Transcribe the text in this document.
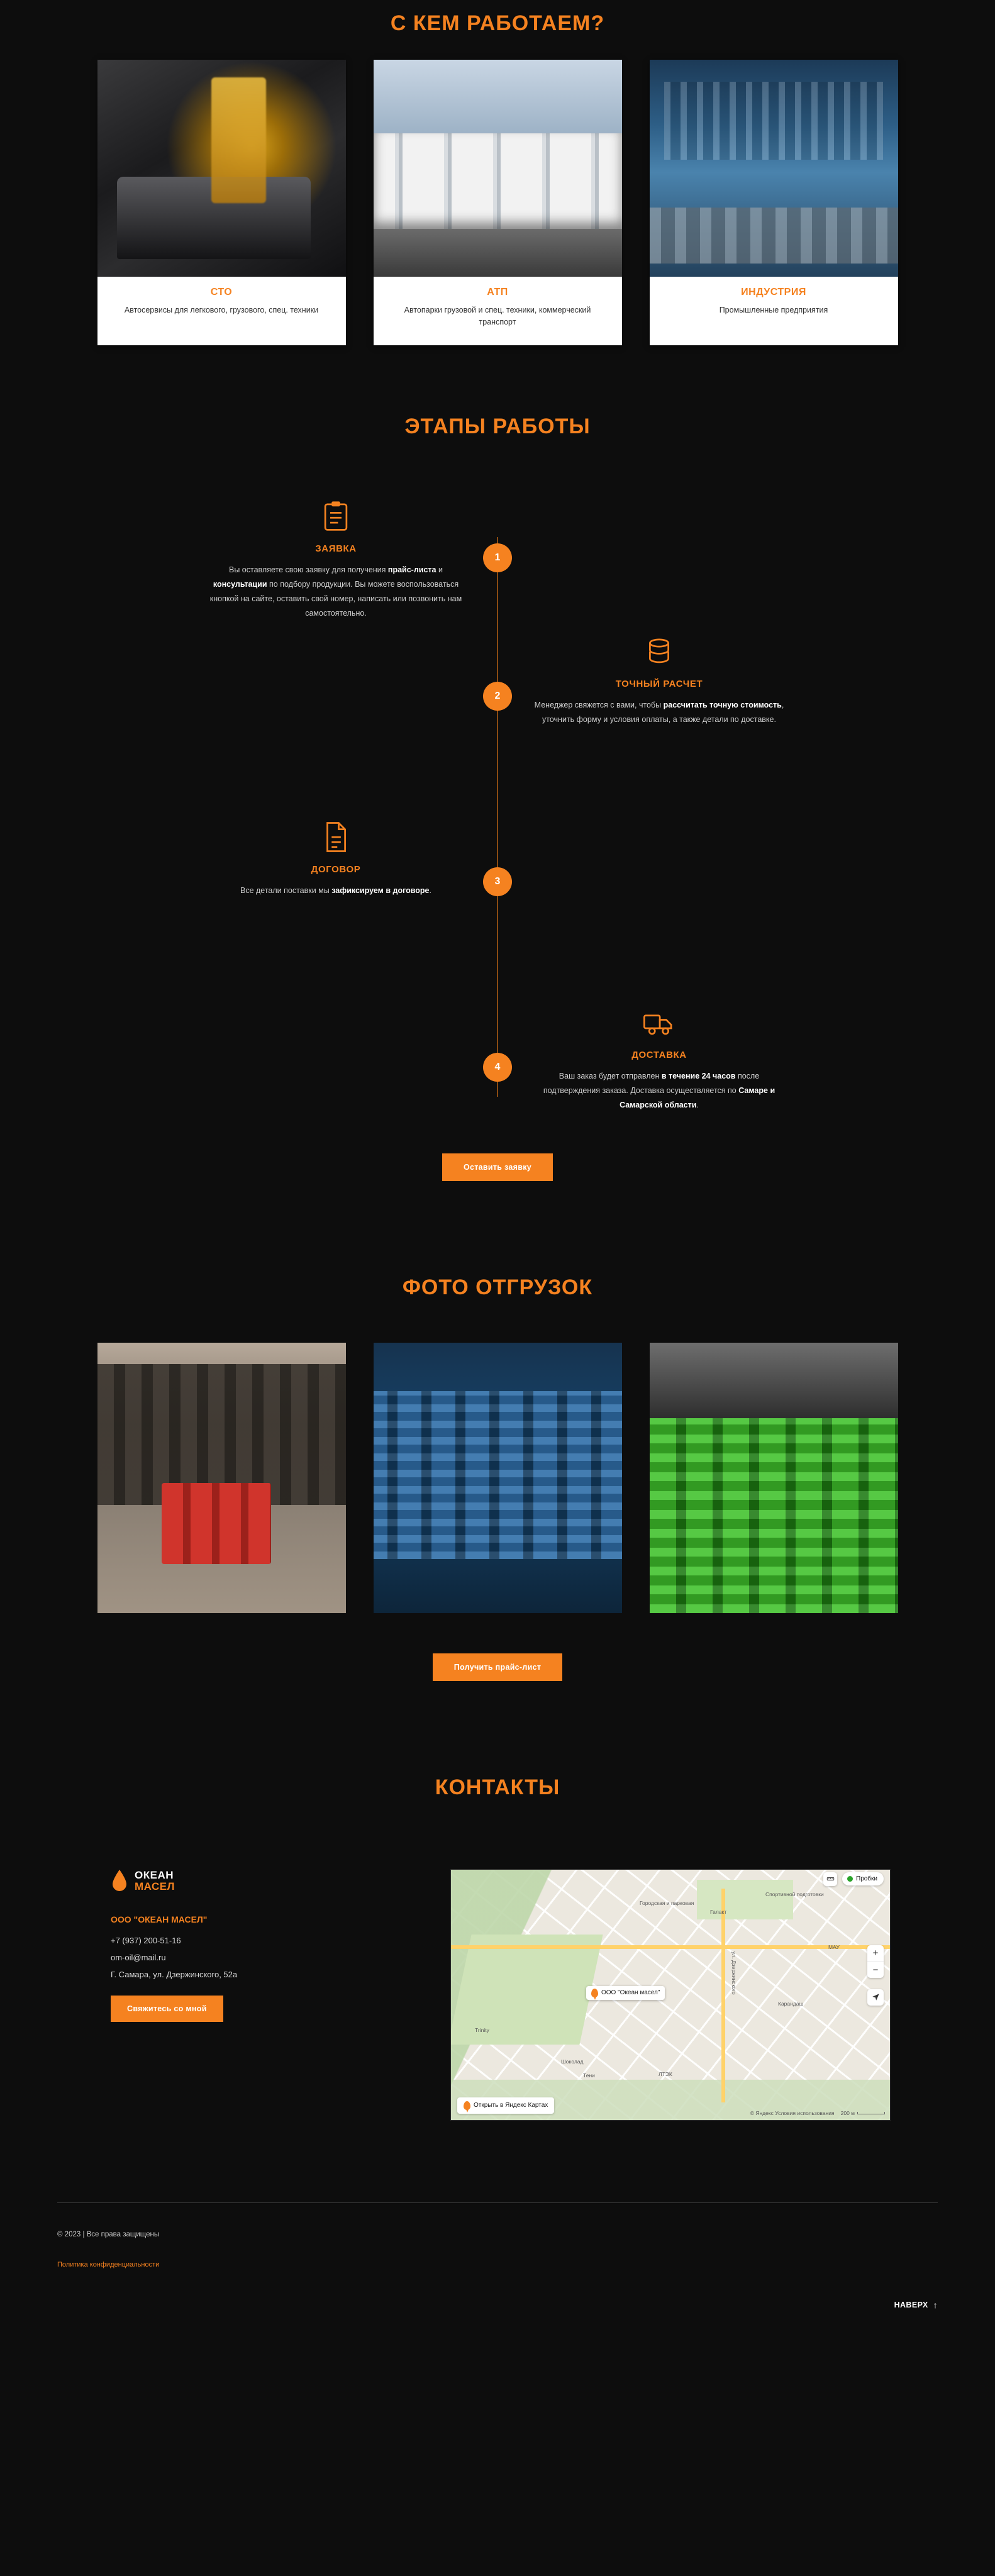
С КЕМ РАБОТАЕМ?
СТО
Автосервисы для легкового, грузового, спец. техники
АТП
Автопарки грузовой и спец. техники, коммерческий транспорт
ИНДУСТРИЯ
Промышленные предприятия
ЭТАПЫ РАБОТЫ
1
ЗАЯВКА
Вы оставляете свою заявку для получения прайс-листа и консультации по подбору продукции. Вы можете воспользоваться кнопкой на сайте, оставить свой номер, написать или позвонить нам самостоятельно.
2
ТОЧНЫЙ РАСЧЕТ
Менеджер свяжется с вами, чтобы рассчитать точную стоимость, уточнить форму и условия оплаты, а также детали по доставке.
3
ДОГОВОР
Все детали поставки мы зафиксируем в договоре.
4
ДОСТАВКА
Ваш заказ будет отправлен в течение 24 часов после подтверждения заказа. Доставка осуществляется по Самаре и Самарской области.
Оставить заявку
ФОТО ОТГРУЗОК
Получить прайс-лист
КОНТАКТЫ
ОКЕАН
МАСЕЛ
ООО "ОКЕАН МАСЕЛ"
+7 (937) 200-51-16
om-oil@mail.ru
Г. Самара, ул. Дзержинского, 52а
Свяжитесь со мной
Городская и парковая
Спортивной подготовки
Галакт
Trinity
Шоколад
Тени	ЛТЭК
Карандаш
ул. Дзержинского
МАУ
Пробки
+
−
ООО "Океан масел"
Открыть в Яндекс Картах
© Яндекс Условия использования 200 м
© 2023 | Все права защищены
Политика конфиденциальности
НАВЕРХ ↑
